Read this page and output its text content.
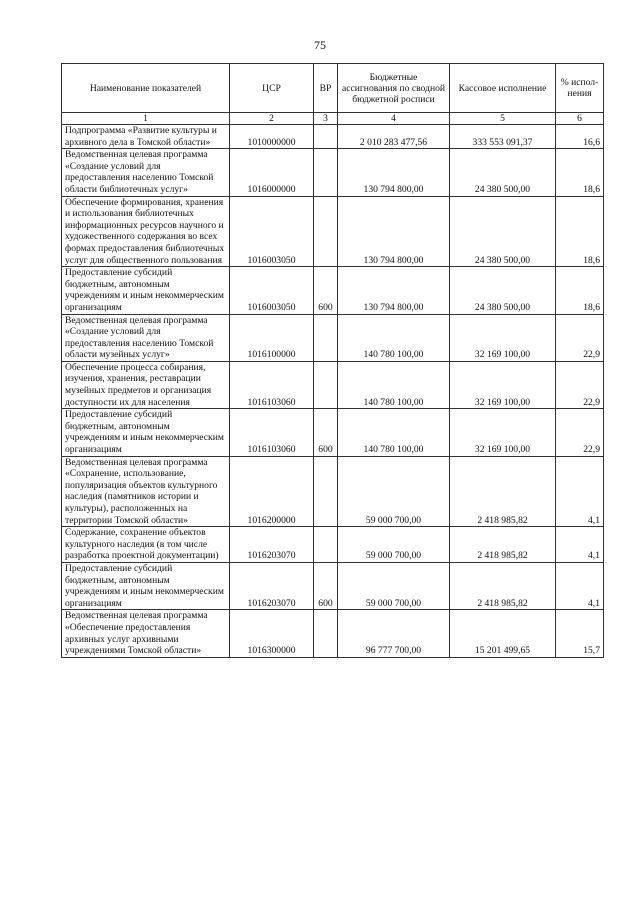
75
Наименование показателей	ЦСР	ВР	Бюджетные ассигнования по сводной бюджетной росписи	Кассовое исполнение	% испол-нения
1	2	3	4	5	6
Подпрограмма «Развитие культуры и архивного дела в Томской области»	1010000000		2 010 283 477,56	333 553 091,37	16,6
Ведомственная целевая программа «Создание условий для предоставления населению Томской области библиотечных услуг»	1016000000		130 794 800,00	24 380 500,00	18,6
Обеспечение формирования, хранения и использования библиотечных информационных ресурсов научного и художественного содержания во всех формах предоставления библиотечных услуг для общественного пользования	1016003050		130 794 800,00	24 380 500,00	18,6
Предоставление субсидий бюджетным, автономным учреждениям и иным некоммерческим организациям	1016003050	600	130 794 800,00	24 380 500,00	18,6
Ведомственная целевая программа «Создание условий для предоставления населению Томской области музейных услуг»	1016100000		140 780 100,00	32 169 100,00	22,9
Обеспечение процесса собирания, изучения, хранения, реставрации музейных предметов и организация доступности их для населения	1016103060		140 780 100,00	32 169 100,00	22,9
Предоставление субсидий бюджетным, автономным учреждениям и иным некоммерческим организациям	1016103060	600	140 780 100,00	32 169 100,00	22,9
Ведомственная целевая программа «Сохранение, использование, популяризация объектов культурного наследия (памятников истории и культуры), расположенных на территории Томской области»	1016200000		59 000 700,00	2 418 985,82	4,1
Содержание, сохранение объектов культурного наследия (в том числе разработка проектной документации)	1016203070		59 000 700,00	2 418 985,82	4,1
Предоставление субсидий бюджетным, автономным учреждениям и иным некоммерческим организациям	1016203070	600	59 000 700,00	2 418 985,82	4,1
Ведомственная целевая программа «Обеспечение предоставления архивных услуг архивными учреждениями Томской области»	1016300000		96 777 700,00	15 201 499,65	15,7
